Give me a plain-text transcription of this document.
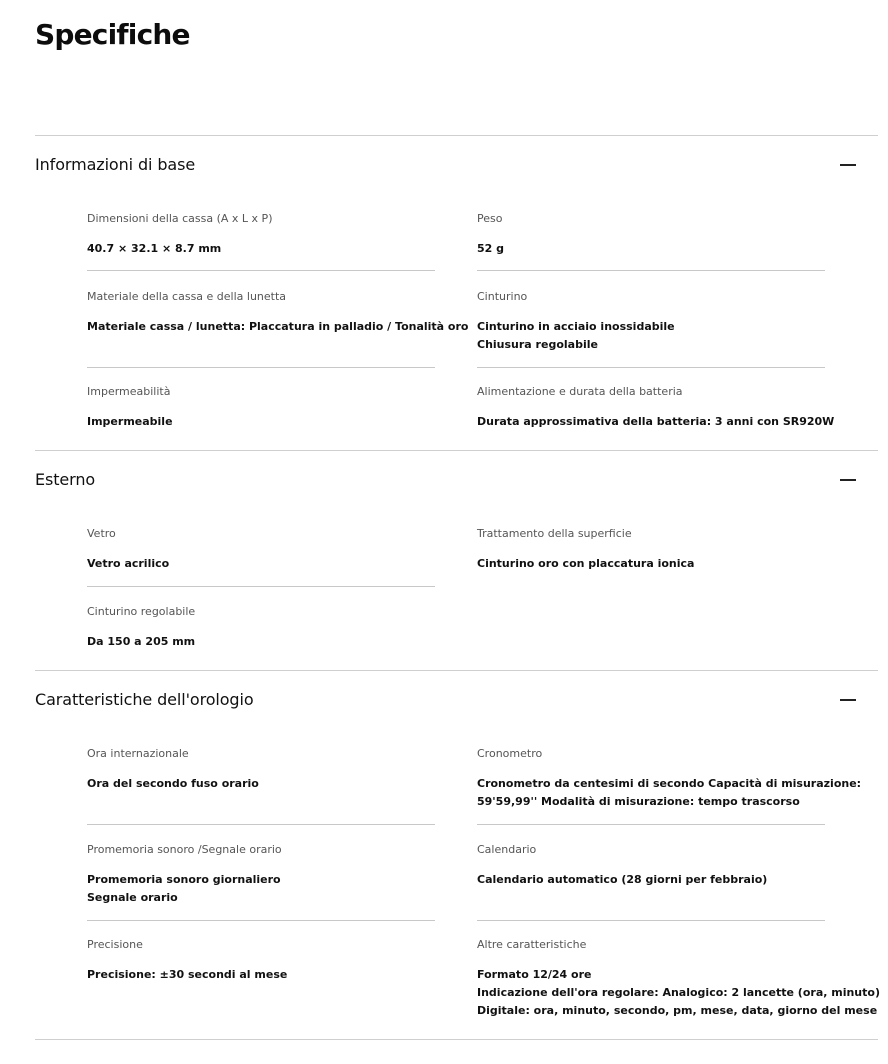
Specifiche
Informazioni di base
Dimensioni della cassa (A x L x P)
40.7 × 32.1 × 8.7 mm
Peso
52 g
Materiale della cassa e della lunetta
Materiale cassa / lunetta: Placcatura in palladio / Tonalità oro
Cinturino
Cinturino in acciaio inossidabile
Chiusura regolabile
Impermeabilità
Impermeabile
Alimentazione e durata della batteria
Durata approssimativa della batteria: 3 anni con SR920W
Esterno
Vetro
Vetro acrilico
Trattamento della superficie
Cinturino oro con placcatura ionica
Cinturino regolabile
Da 150 a 205 mm
Caratteristiche dell'orologio
Ora internazionale
Ora del secondo fuso orario
Cronometro
Cronometro da centesimi di secondo Capacità di misurazione:
59'59,99'' Modalità di misurazione: tempo trascorso
Promemoria sonoro /Segnale orario
Promemoria sonoro giornaliero
Segnale orario
Calendario
Calendario automatico (28 giorni per febbraio)
Precisione
Precisione: ±30 secondi al mese
Altre caratteristiche
Formato 12/24 ore
Indicazione dell'ora regolare: Analogico: 2 lancette (ora, minuto)
Digitale: ora, minuto, secondo, pm, mese, data, giorno del mese
